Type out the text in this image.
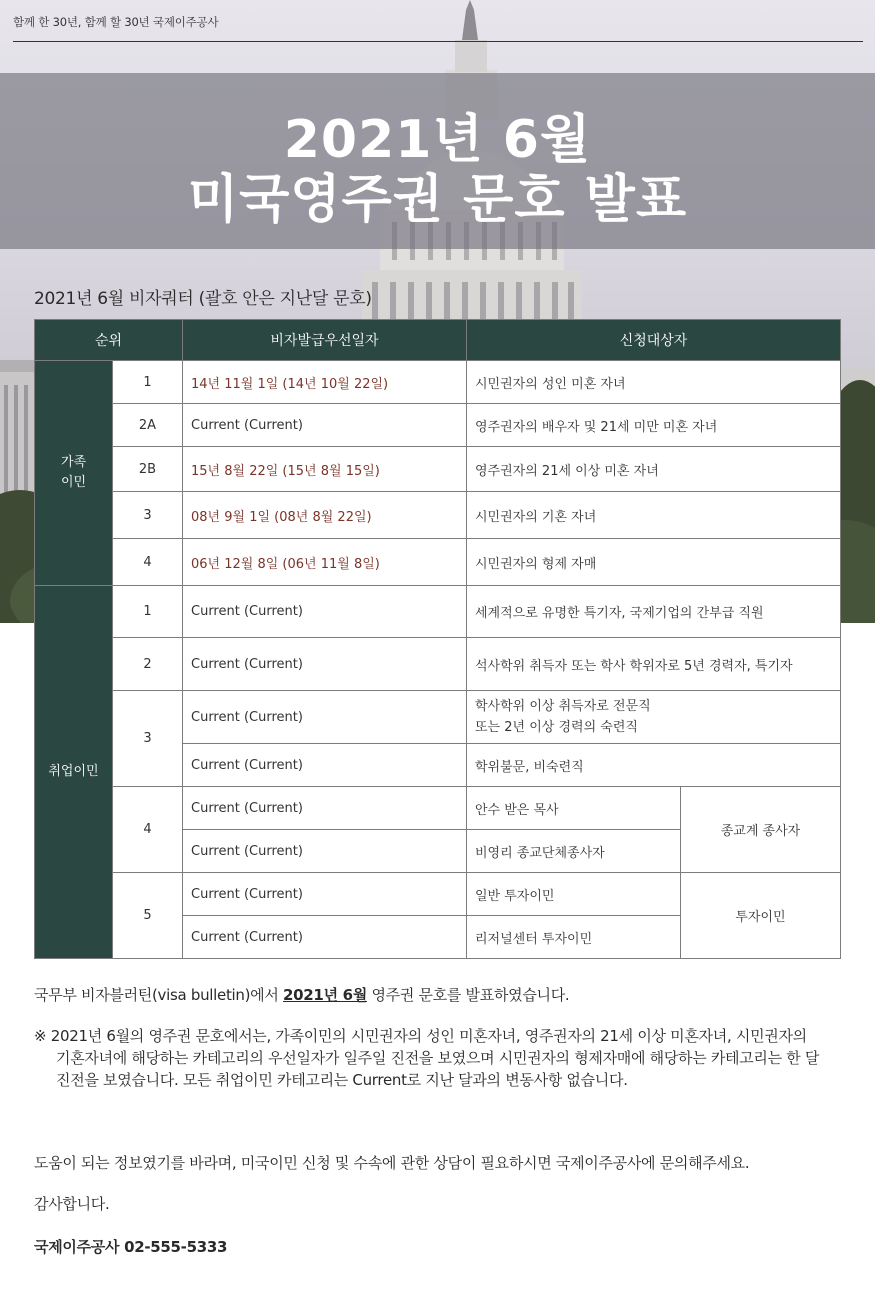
함께 한 30년, 함께 할 30년 국제이주공사
2021년 6월
미국영주권 문호 발표
2021년 6월 비자쿼터 (괄호 안은 지난달 문호)
순위		비자발급우선일자	신청대상자	
가족
이민	1	14년 11월 1일 (14년 10월 22일)	시민권자의 성인 미혼 자녀	
	2A	Current (Current)	영주권자의 배우자 및 21세 미만 미혼 자녀	
	2B	15년 8월 22일 (15년 8월 15일)	영주권자의 21세 이상 미혼 자녀	
	3	08년 9월 1일 (08년 8월 22일)	시민권자의 기혼 자녀	
	4	06년 12월 8일 (06년 11월 8일)	시민권자의 형제 자매	
취업이민	1	Current (Current)	세계적으로 유명한 특기자, 국제기업의 간부급 직원	
	2	Current (Current)	석사학위 취득자 또는 학사 학위자로 5년 경력자, 특기자	
	3	Current (Current)	학사학위 이상 취득자로 전문직
또는 2년 이상 경력의 숙련직	
		Current (Current)	학위불문, 비숙련직	
	4	Current (Current)	안수 받은 목사	종교계 종사자
		Current (Current)	비영리 종교단체종사자	
	5	Current (Current)	일반 투자이민	투자이민
		Current (Current)	리저널센터 투자이민	
국무부 비자블러틴(visa bulletin)에서 2021년 6월 영주권 문호를 발표하였습니다.
※ 2021년 6월의 영주권 문호에서는, 가족이민의 시민권자의 성인 미혼자녀, 영주권자의 21세 이상 미혼자녀, 시민권자의 기혼자녀에 해당하는 카테고리의 우선일자가 일주일 진전을 보였으며 시민권자의 형제자매에 해당하는 카테고리는 한 달 진전을 보였습니다. 모든 취업이민 카테고리는 Current로 지난 달과의 변동사항 없습니다.
도움이 되는 정보였기를 바라며, 미국이민 신청 및 수속에 관한 상담이 필요하시면 국제이주공사에 문의해주세요.
감사합니다.
국제이주공사 02-555-5333
